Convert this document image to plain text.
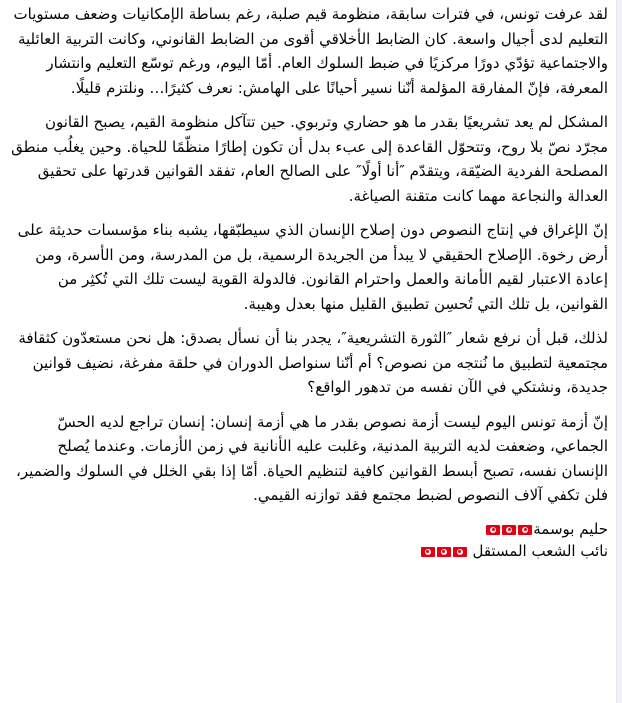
لقد عرفت تونس، في فترات سابقة، منظومة قيم صلبة، رغم بساطة الإمكانيات وضعف مستويات التعليم لدى أجيال واسعة. كان الضابط الأخلاقي أقوى من الضابط القانوني، وكانت التربية العائلية والاجتماعية تؤدّي دورًا مركزيًا في ضبط السلوك العام. أمّا اليوم، ورغم توسّع التعليم وانتشار المعرفة، فإنّ المفارقة المؤلمة أنّنا نسير أحيانًا على الهامش: نعرف كثيرًا… ونلتزم قليلًا.

المشكل لم يعد تشريعيًا بقدر ما هو حضاري وتربوي. حين تتآكل منظومة القيم، يصبح القانون مجرّد نصّ بلا روح، وتتحوّل القاعدة إلى عبء بدل أن تكون إطارًا منظّمًا للحياة. وحين يغلُب منطق المصلحة الفردية الضيّقة، ويتقدّم ″أنا أولًا″ على الصالح العام، تفقد القوانين قدرتها على تحقيق العدالة والنجاعة مهما كانت متقنة الصياغة.

إنّ الإغراق في إنتاج النصوص دون إصلاح الإنسان الذي سيطبّقها، يشبه بناء مؤسسات حديثة على أرض رخوة. الإصلاح الحقيقي لا يبدأ من الجريدة الرسمية، بل من المدرسة، ومن الأسرة، ومن إعادة الاعتبار لقيم الأمانة والعمل واحترام القانون. فالدولة القوية ليست تلك التي تُكثِر من القوانين، بل تلك التي تُحسِن تطبيق القليل منها بعدل وهيبة.

لذلك، قبل أن نرفع شعار ″الثورة التشريعية″، يجدر بنا أن نسأل بصدق: هل نحن مستعدّون كثقافة مجتمعية لتطبيق ما نُنتجه من نصوص؟ أم أنّنا سنواصل الدوران في حلقة مفرغة، نضيف قوانين جديدة، ونشتكي في الآن نفسه من تدهور الواقع؟

إنّ أزمة تونس اليوم ليست أزمة نصوص بقدر ما هي أزمة إنسان: إنسان تراجع لديه الحسّ الجماعي، وضعفت لديه التربية المدنية، وغلبت عليه الأنانية في زمن الأزمات. وعندما يُصلح الإنسان نفسه، تصبح أبسط القوانين كافية لتنظيم الحياة. أمّا إذا بقي الخلل في السلوك والضمير، فلن تكفي آلاف النصوص لضبط مجتمع فقد توازنه القيمي.

حليم بوسمة
نائب الشعب المستقل
